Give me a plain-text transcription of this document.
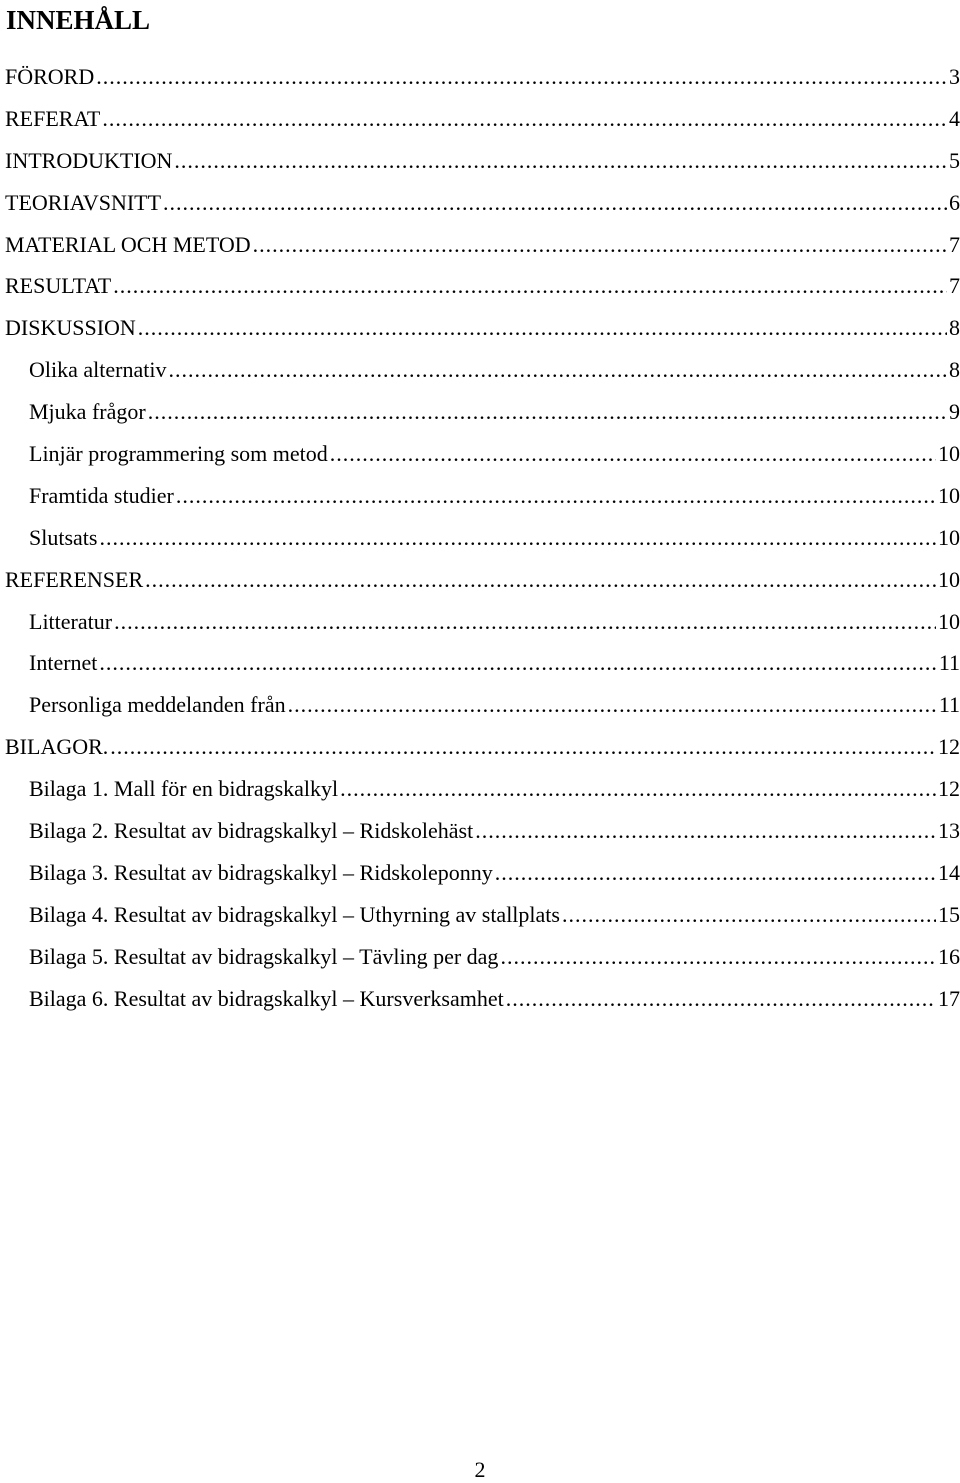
INNEHÅLL
FÖRORD .....	3
REFERAT .....	4
INTRODUKTION .....	5
TEORIAVSNITT .....	6
MATERIAL OCH METOD .....	7
RESULTAT .....	7
DISKUSSION .....	8
Olika alternativ .....	8
Mjuka frågor .....	9
Linjär programmering som metod .....	10
Framtida studier .....	10
Slutsats .....	10
REFERENSER .....	10
Litteratur .....	10
Internet .....	11
Personliga meddelanden från .....	11
BILAGOR. .....	12
Bilaga 1. Mall för en bidragskalkyl .....	12
Bilaga 2. Resultat av bidragskalkyl – Ridskolehäst .....	13
Bilaga 3. Resultat av bidragskalkyl – Ridskoleponny .....	14
Bilaga 4. Resultat av bidragskalkyl – Uthyrning av stallplats .....	15
Bilaga 5. Resultat av bidragskalkyl – Tävling per dag .....	16
Bilaga 6. Resultat av bidragskalkyl – Kursverksamhet .....	17
2
